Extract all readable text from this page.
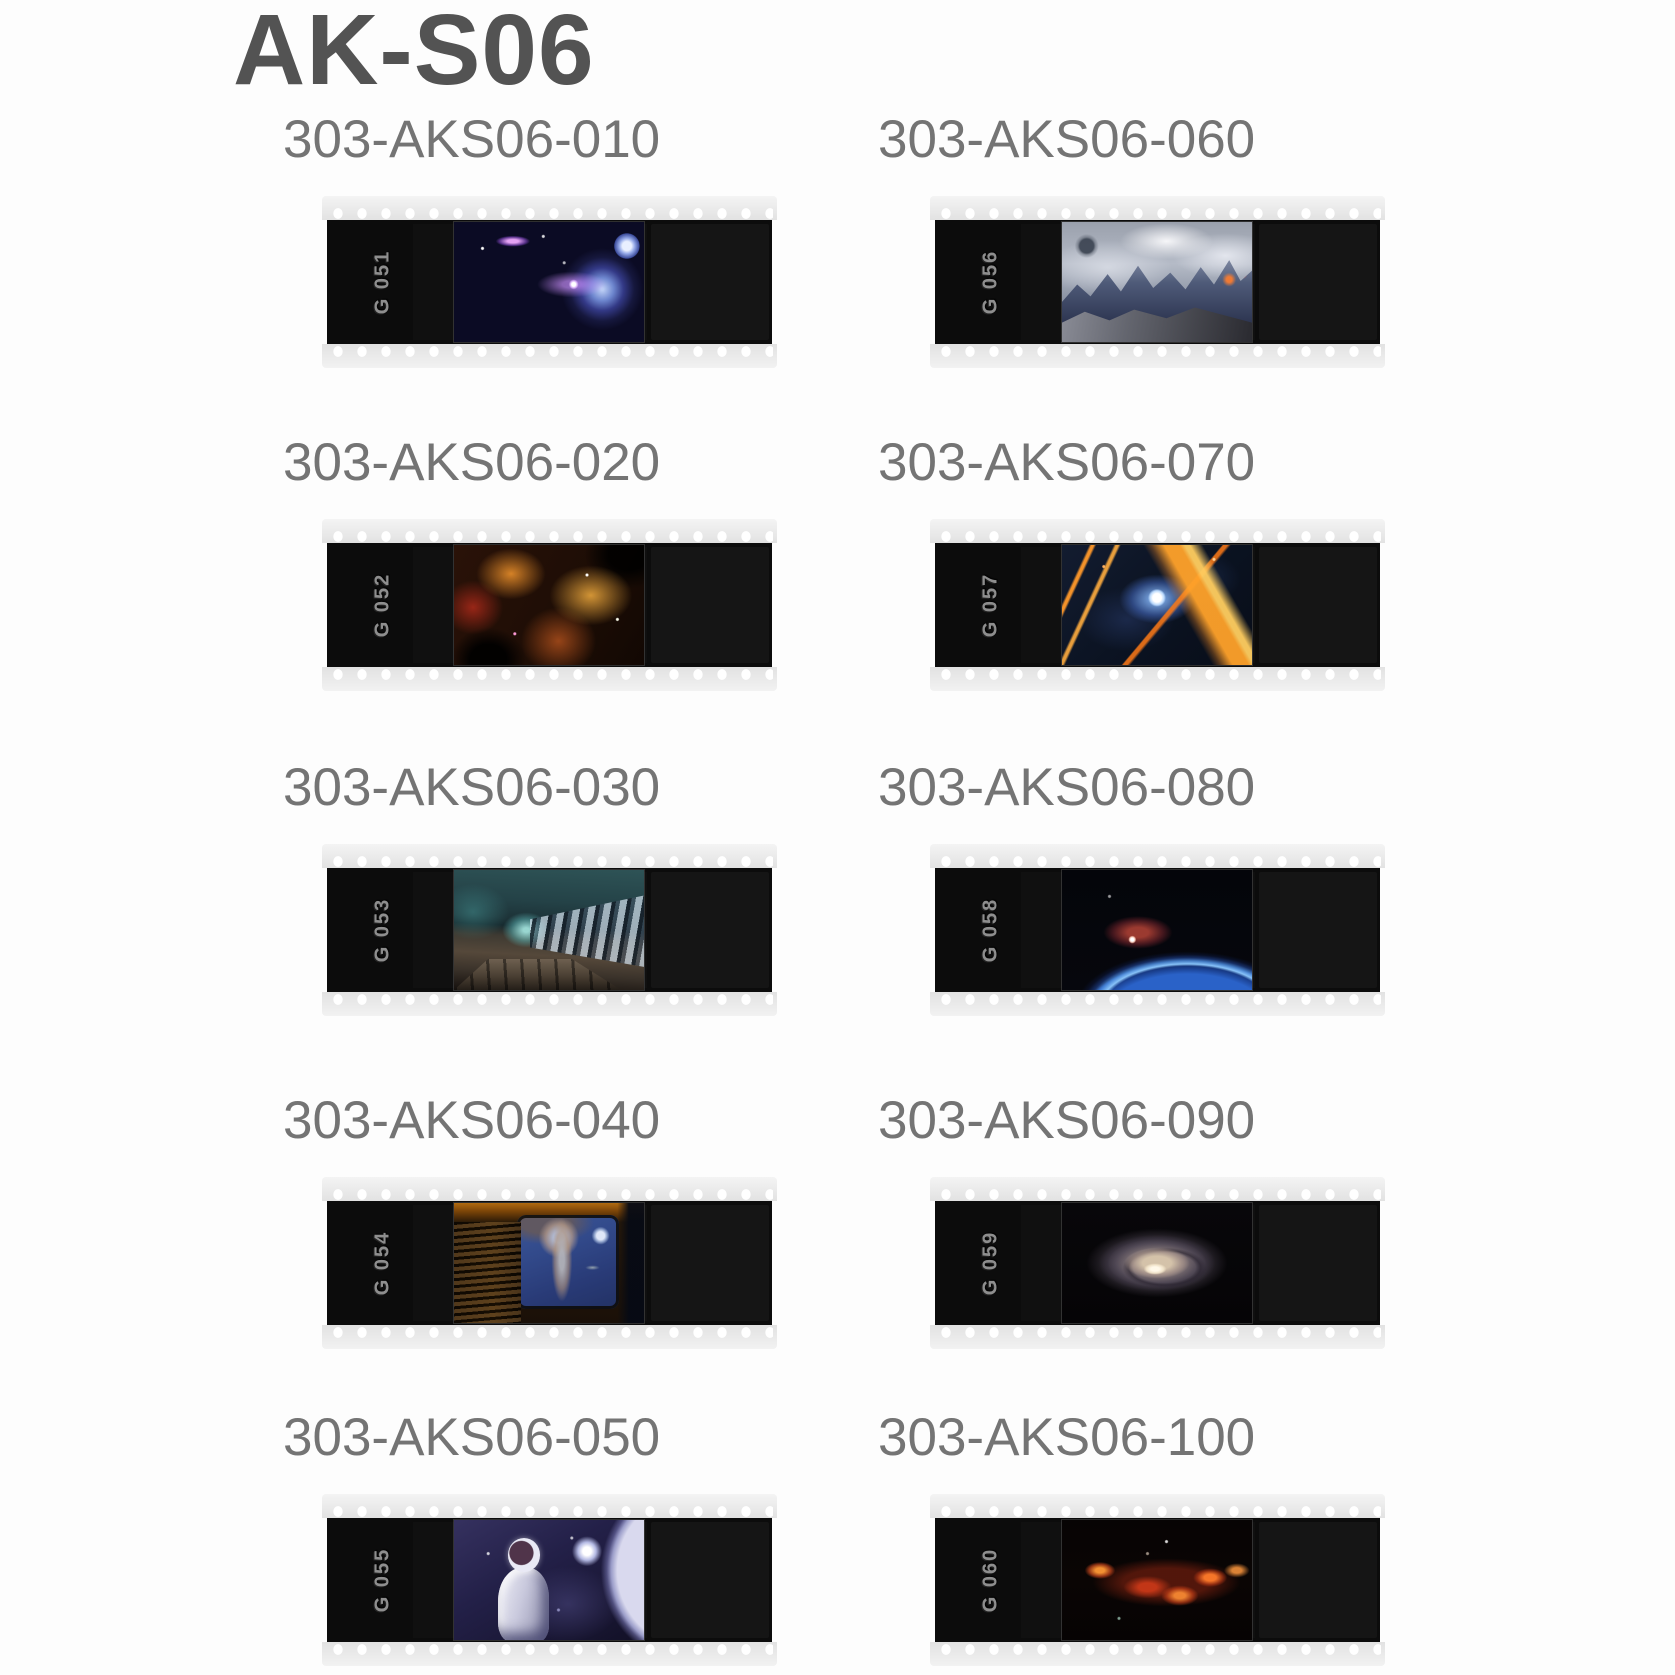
AK-S06
303-AKS06-010
G 051
303-AKS06-020
G 052
303-AKS06-030
G 053
303-AKS06-040
G 054
303-AKS06-050
G 055
303-AKS06-060
G 056
303-AKS06-070
G 057
303-AKS06-080
G 058
303-AKS06-090
G 059
303-AKS06-100
G 060
